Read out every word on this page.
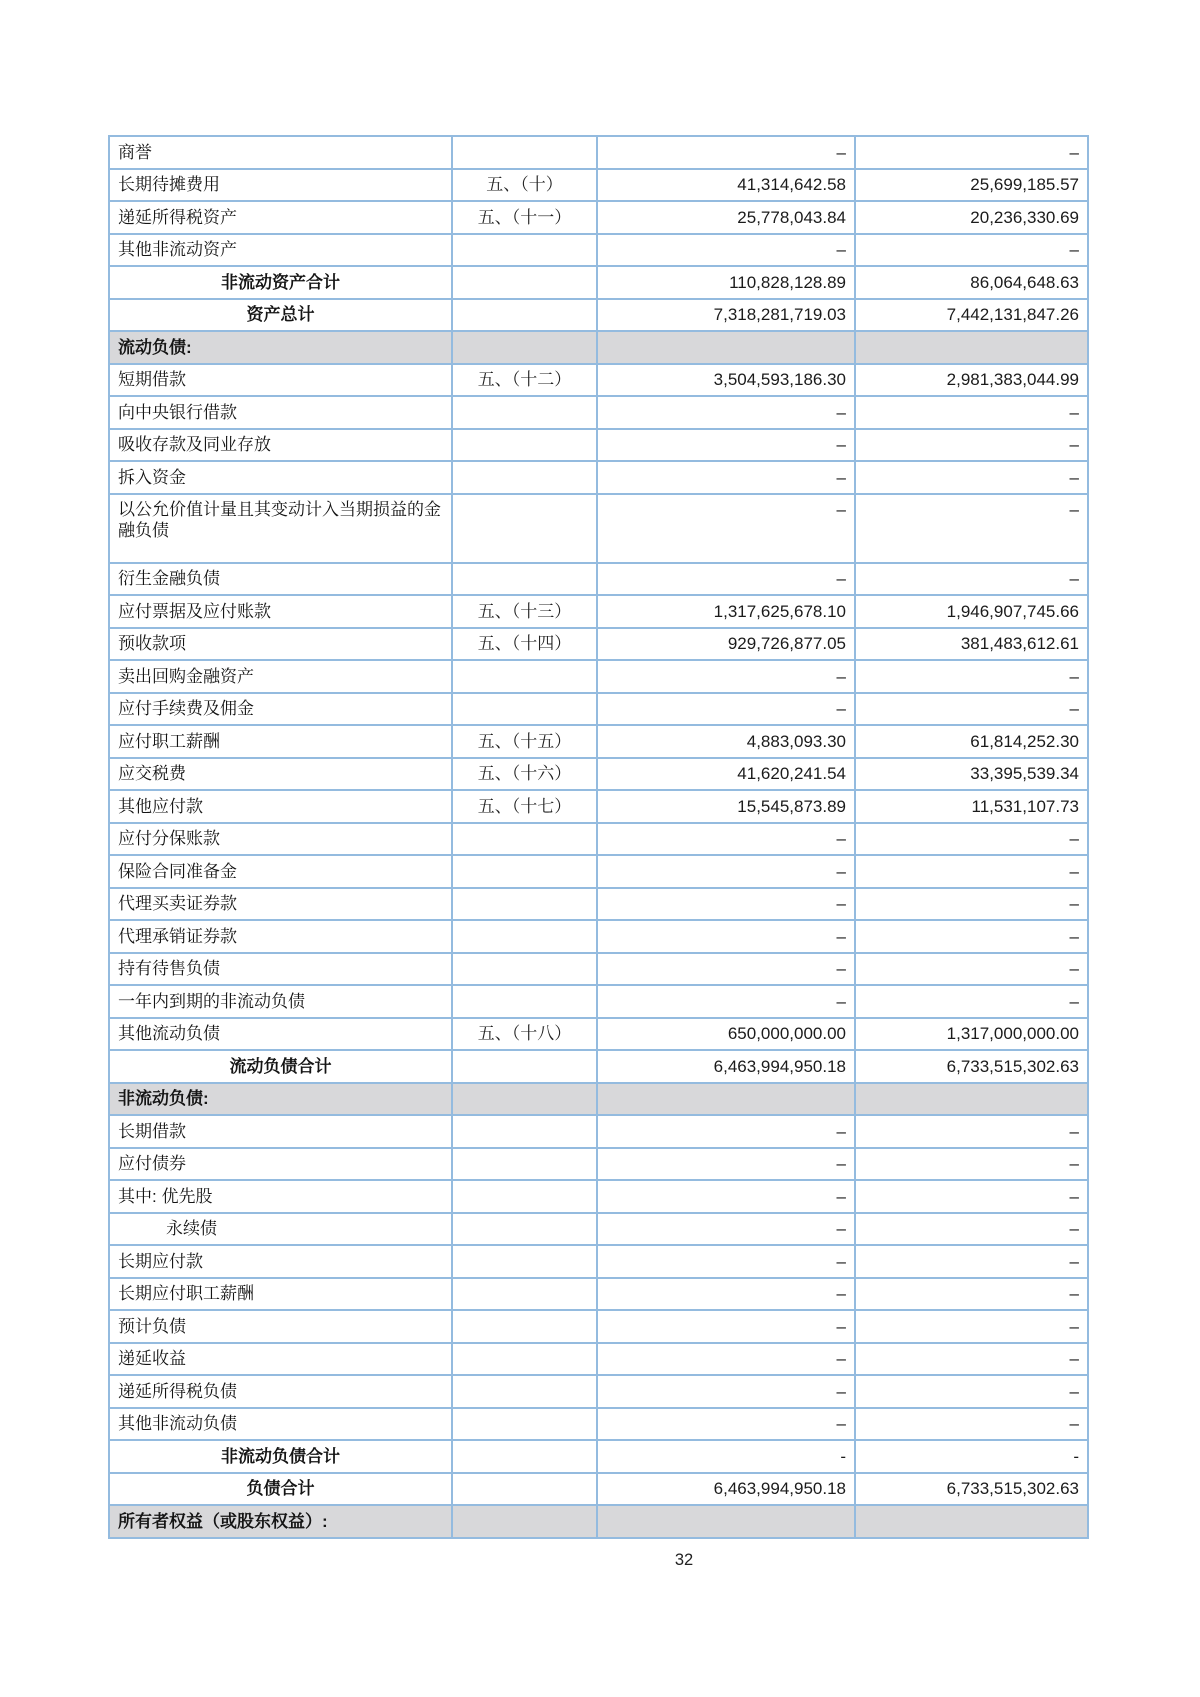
商誉		–	–
长期待摊费用	五、（十）	41,314,642.58	25,699,185.57
递延所得税资产	五、（十一）	25,778,043.84	20,236,330.69
其他非流动资产		–	–
非流动资产合计		110,828,128.89	86,064,648.63
资产总计		7,318,281,719.03	7,442,131,847.26
流动负债:			
短期借款	五、（十二）	3,504,593,186.30	2,981,383,044.99
向中央银行借款		–	–
吸收存款及同业存放		–	–
拆入资金		–	–
以公允价值计量且其变动计入当期损益的金融负债		–	–
衍生金融负债		–	–
应付票据及应付账款	五、（十三）	1,317,625,678.10	1,946,907,745.66
预收款项	五、（十四）	929,726,877.05	381,483,612.61
卖出回购金融资产		–	–
应付手续费及佣金		–	–
应付职工薪酬	五、（十五）	4,883,093.30	61,814,252.30
应交税费	五、（十六）	41,620,241.54	33,395,539.34
其他应付款	五、（十七）	15,545,873.89	11,531,107.73
应付分保账款		–	–
保险合同准备金		–	–
代理买卖证券款		–	–
代理承销证券款		–	–
持有待售负债		–	–
一年内到期的非流动负债		–	–
其他流动负债	五、（十八）	650,000,000.00	1,317,000,000.00
流动负债合计		6,463,994,950.18	6,733,515,302.63
非流动负债:			
长期借款		–	–
应付债券		–	–
其中: 优先股		–	–
永续债		–	–
长期应付款		–	–
长期应付职工薪酬		–	–
预计负债		–	–
递延收益		–	–
递延所得税负债		–	–
其他非流动负债		–	–
非流动负债合计		-	-
负债合计		6,463,994,950.18	6,733,515,302.63
所有者权益（或股东权益）:			
32
